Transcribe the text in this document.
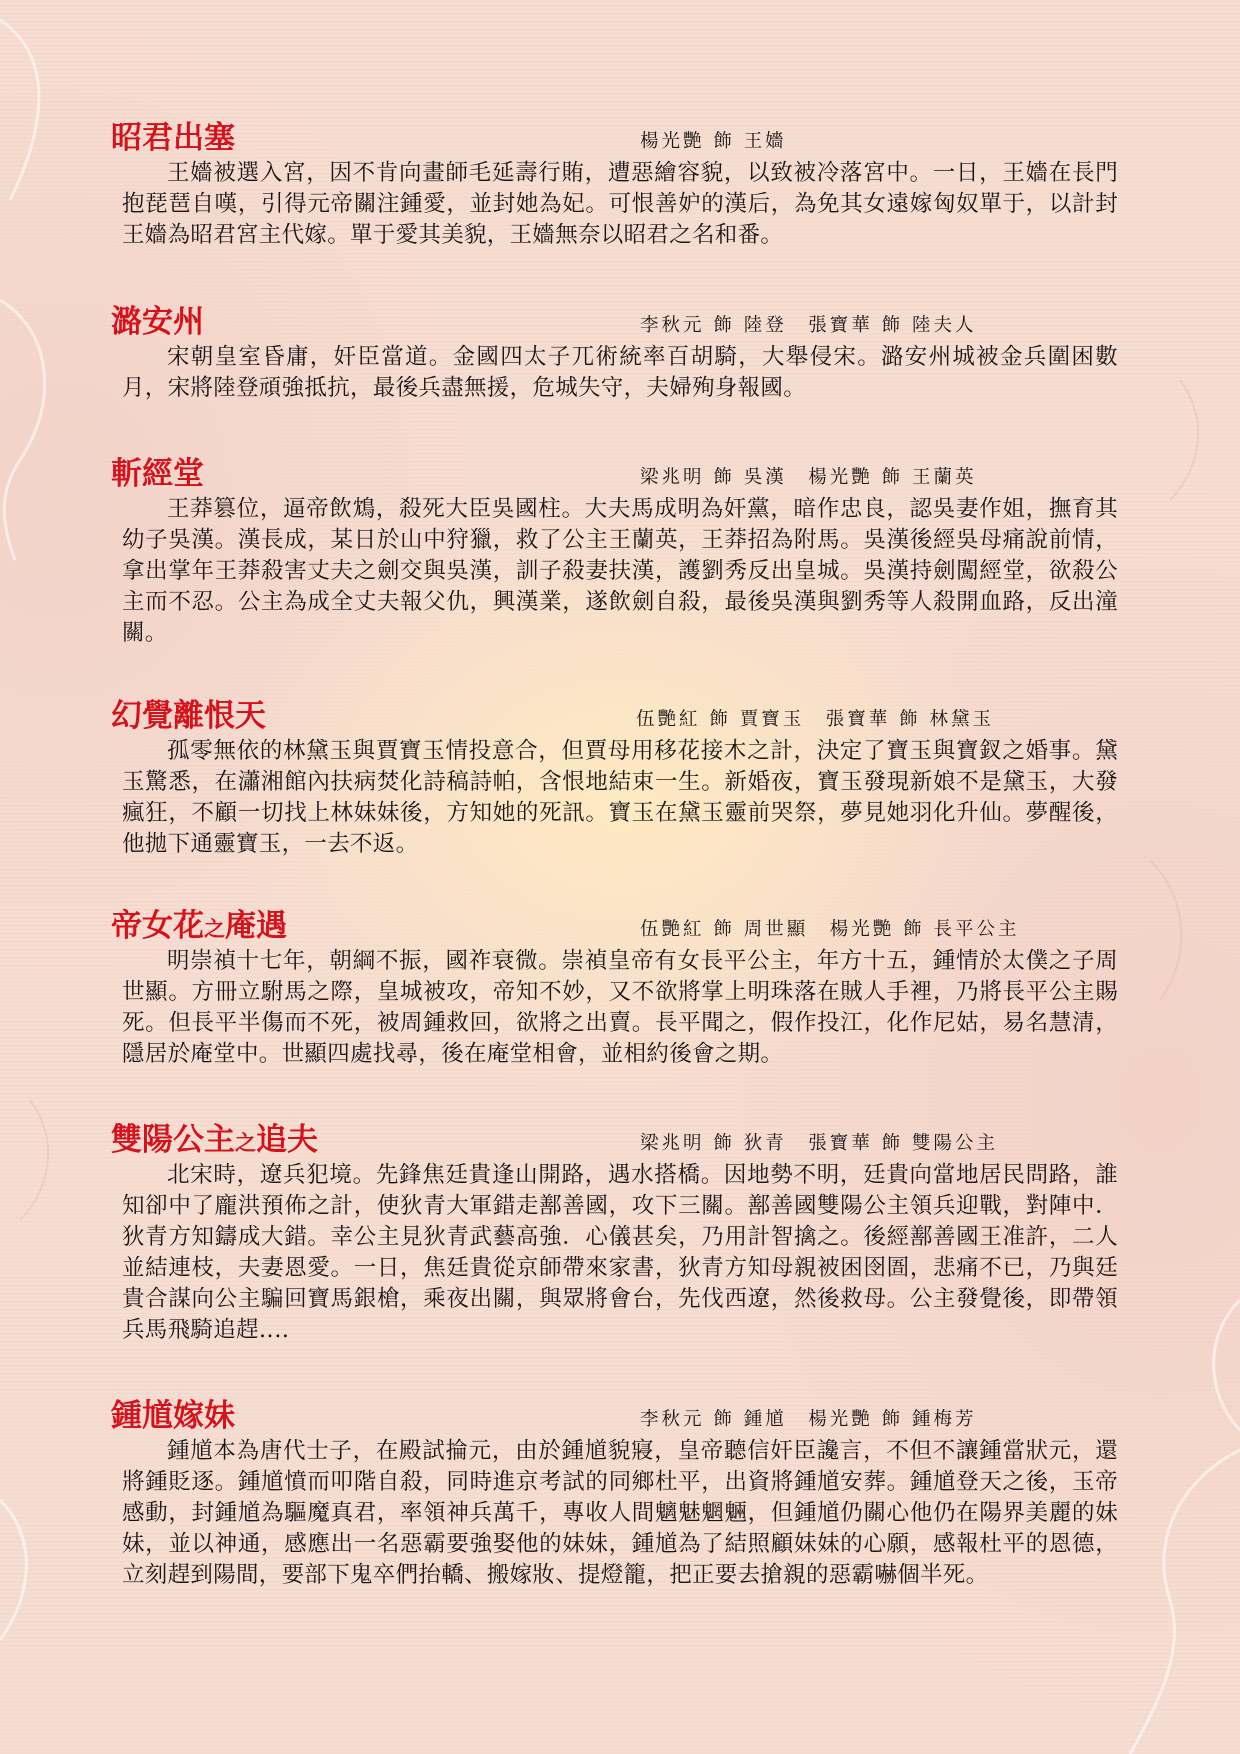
昭君出塞	楊光艷 飾 王嬙
王嬙被選入宮，因不肯向畫師毛延壽行賄，遭惡繪容貌，以致被冷落宮中。一日，王嬙在長門抱琵琶自嘆，引得元帝關注鍾愛，並封她為妃。可恨善妒的漢后，為免其女遠嫁匈奴單于，以計封王嬙為昭君宮主代嫁。單于愛其美貌，王嬙無奈以昭君之名和番。
潞安州	李秋元 飾 陸登　張寶華 飾 陸夫人
宋朝皇室昏庸，奸臣當道。金國四太子兀術統率百胡騎，大舉侵宋。潞安州城被金兵圍困數月，宋將陸登頑強抵抗，最後兵盡無援，危城失守，夫婦殉身報國。
斬經堂	梁兆明 飾 吳漢　楊光艷 飾 王蘭英
王莽篡位，逼帝飲鴆，殺死大臣吳國柱。大夫馬成明為奸黨，暗作忠良，認吳妻作姐，撫育其幼子吳漢。漢長成，某日於山中狩獵，救了公主王蘭英，王莽招為附馬。吳漢後經吳母痛說前情，拿出掌年王莽殺害丈夫之劍交與吳漢，訓子殺妻扶漢，護劉秀反出皇城。吳漢持劍闖經堂，欲殺公主而不忍。公主為成全丈夫報父仇，興漢業，遂飲劍自殺，最後吳漢與劉秀等人殺開血路，反出潼關。
幻覺離恨天	伍艷紅 飾 賈寶玉　張寶華 飾 林黛玉
孤零無依的林黛玉與賈寶玉情投意合，但賈母用移花接木之計，決定了寶玉與寶釵之婚事。黛玉驚悉，在瀟湘館內扶病焚化詩稿詩帕，含恨地結束一生。新婚夜，寶玉發現新娘不是黛玉，大發瘋狂，不顧一切找上林妹妹後，方知她的死訊。寶玉在黛玉靈前哭祭，夢見她羽化升仙。夢醒後，他拋下通靈寶玉，一去不返。
帝女花之庵遇	伍艷紅 飾 周世顯　楊光艷 飾 長平公主
明崇禎十七年，朝綱不振，國祚衰微。崇禎皇帝有女長平公主，年方十五，鍾情於太僕之子周世顯。方冊立駙馬之際，皇城被攻，帝知不妙，又不欲將掌上明珠落在賊人手裡，乃將長平公主賜死。但長平半傷而不死，被周鍾救回，欲將之出賣。長平聞之，假作投江，化作尼姑，易名慧清，隱居於庵堂中。世顯四處找尋，後在庵堂相會，並相約後會之期。
雙陽公主之追夫	梁兆明 飾 狄青　張寶華 飾 雙陽公主
北宋時，遼兵犯境。先鋒焦廷貴逢山開路，遇水搭橋。因地勢不明，廷貴向當地居民問路，誰知卻中了龐洪預佈之計，使狄青大軍錯走鄯善國，攻下三關。鄯善國雙陽公主領兵迎戰，對陣中．狄青方知鑄成大錯。幸公主見狄青武藝高強．心儀甚矣，乃用計智擒之。後經鄯善國王准許，二人並結連枝，夫妻恩愛。一日，焦廷貴從京師帶來家書，狄青方知母親被困囹圄，悲痛不已，乃與廷貴合謀向公主騙回寶馬銀槍，乘夜出關，與眾將會台，先伐西遼，然後救母。公主發覺後，即帶領兵馬飛騎追趕‥‥
鍾馗嫁妹	李秋元 飾 鍾馗　楊光艷 飾 鍾梅芳
鍾馗本為唐代士子，在殿試掄元，由於鍾馗貌寢，皇帝聽信奸臣讒言，不但不讓鍾當狀元，還將鍾貶逐。鍾馗憤而叩階自殺，同時進京考試的同鄉杜平，出資將鍾馗安葬。鍾馗登天之後，玉帝感動，封鍾馗為驅魔真君，率領神兵萬千，專收人間魑魅魍魎，但鍾馗仍關心他仍在陽界美麗的妹妹，並以神通，感應出一名惡霸要強娶他的妹妹，鍾馗為了結照顧妹妹的心願，感報杜平的恩德，立刻趕到陽間，要部下鬼卒們抬轎、搬嫁妝、提燈籠，把正要去搶親的惡霸嚇個半死。
